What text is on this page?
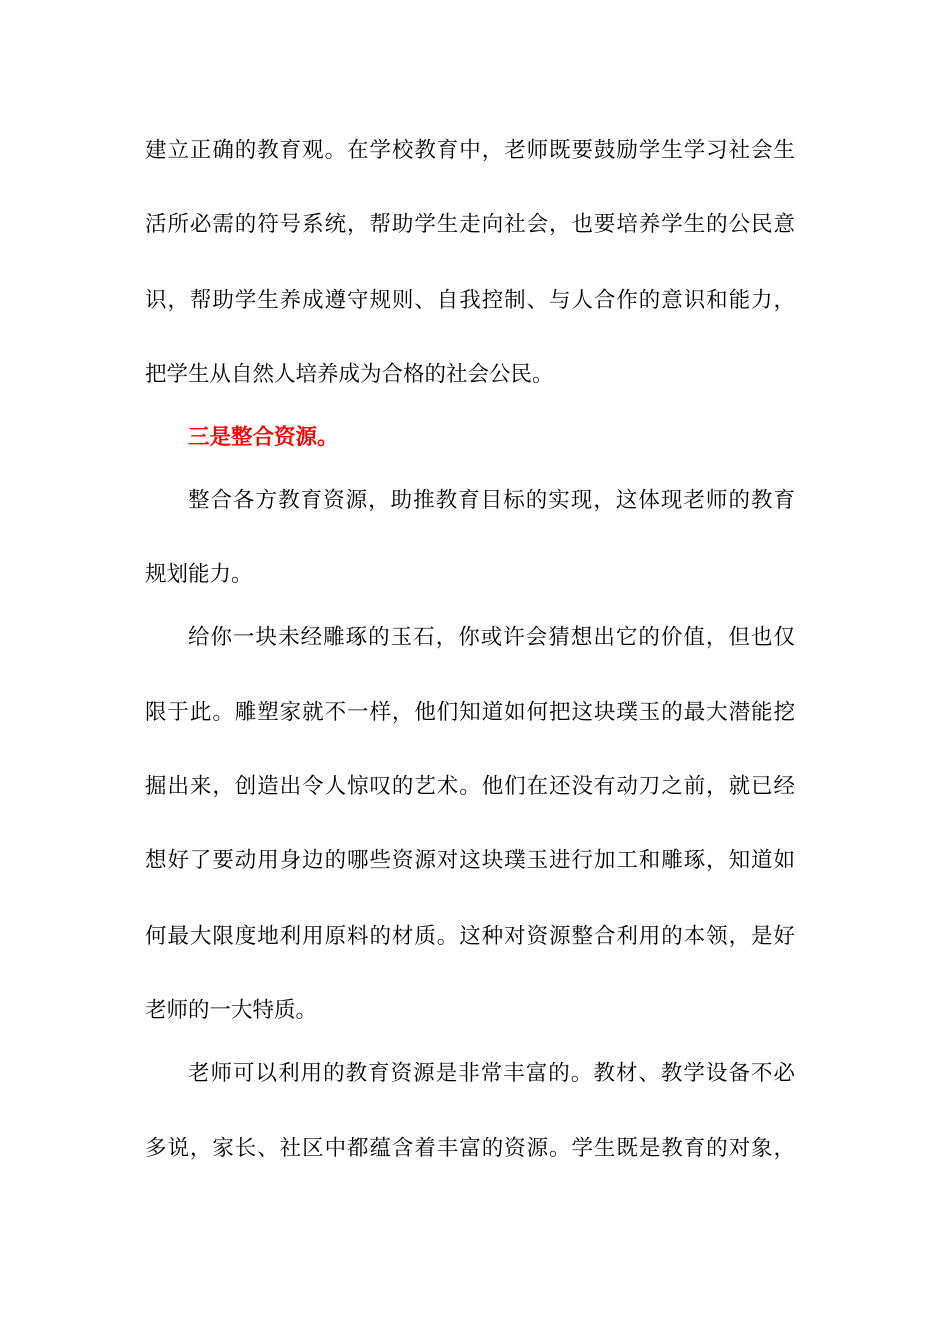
建立正确的教育观。在学校教育中，老师既要鼓励学生学习社会生
活所必需的符号系统，帮助学生走向社会，也要培养学生的公民意
识，帮助学生养成遵守规则、自我控制、与人合作的意识和能力，
把学生从自然人培养成为合格的社会公民。
三是整合资源。
整合各方教育资源，助推教育目标的实现，这体现老师的教育
规划能力。
给你一块未经雕琢的玉石，你或许会猜想出它的价值，但也仅
限于此。雕塑家就不一样，他们知道如何把这块璞玉的最大潜能挖
掘出来，创造出令人惊叹的艺术。他们在还没有动刀之前，就已经
想好了要动用身边的哪些资源对这块璞玉进行加工和雕琢，知道如
何最大限度地利用原料的材质。这种对资源整合利用的本领，是好
老师的一大特质。
老师可以利用的教育资源是非常丰富的。教材、教学设备不必
多说，家长、社区中都蕴含着丰富的资源。学生既是教育的对象，
